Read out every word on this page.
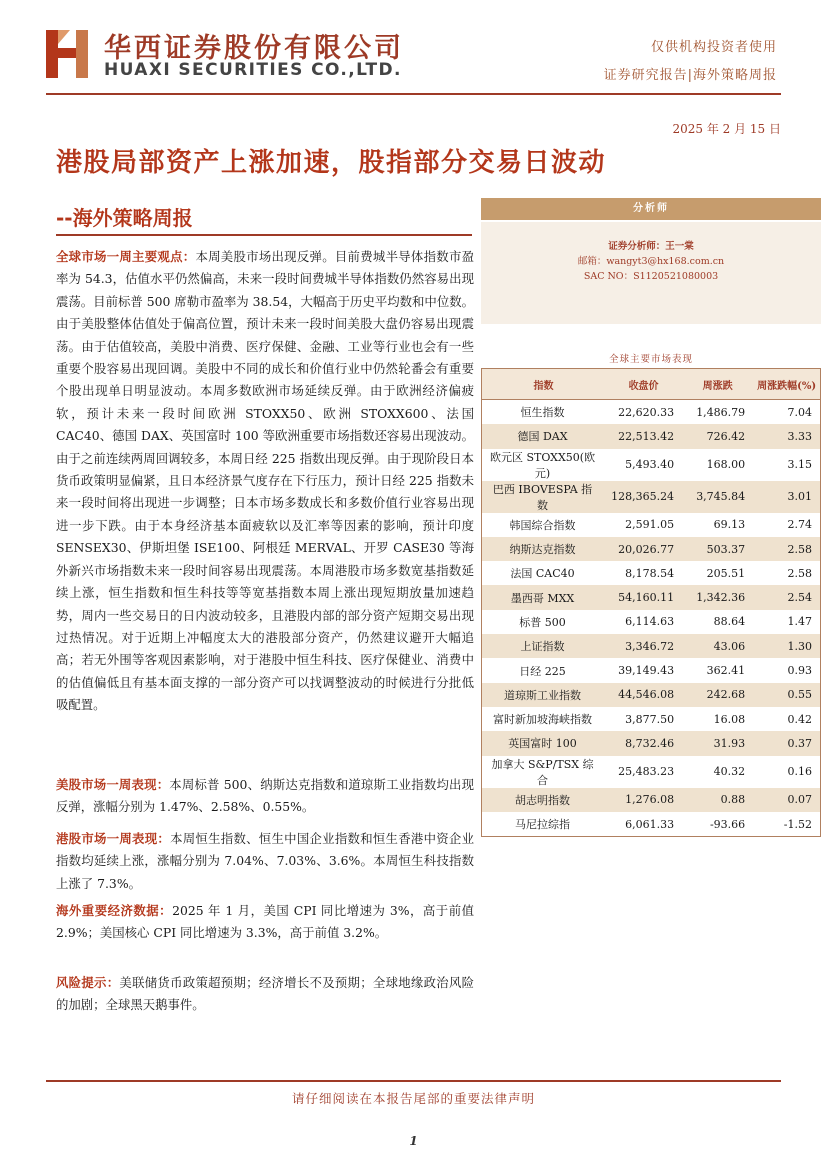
华西证券股份有限公司
HUAXI SECURITIES CO.,LTD.
仅供机构投资者使用
证券研究报告|海外策略周报
2025 年 2 月 15 日
港股局部资产上涨加速，股指部分交易日波动
--海外策略周报
全球市场一周主要观点：本周美股市场出现反弹。目前费城半导体指数市盈率为 54.3，估值水平仍然偏高，未来一段时间费城半导体指数仍然容易出现震荡。目前标普 500 席勒市盈率为 38.54，大幅高于历史平均数和中位数。由于美股整体估值处于偏高位置，预计未来一段时间美股大盘仍容易出现震荡。由于估值较高，美股中消费、医疗保健、金融、工业等行业也会有一些重要个股容易出现回调。美股中不同的成长和价值行业中仍然轮番会有重要个股出现单日明显波动。本周多数欧洲市场延续反弹。由于欧洲经济偏疲软，预计未来一段时间欧洲 STOXX50、欧洲 STOXX600、法国 CAC40、德国 DAX、英国富时 100 等欧洲重要市场指数还容易出现波动。由于之前连续两周回调较多，本周日经 225 指数出现反弹。由于现阶段日本货币政策明显偏紧，且日本经济景气度存在下行压力，预计日经 225 指数未来一段时间将出现进一步调整；日本市场多数成长和多数价值行业容易出现进一步下跌。由于本身经济基本面疲软以及汇率等因素的影响，预计印度 SENSEX30、伊斯坦堡 ISE100、阿根廷 MERVAL、开罗 CASE30 等海外新兴市场指数未来一段时间容易出现震荡。本周港股市场多数宽基指数延续上涨，恒生指数和恒生科技等等宽基指数本周上涨出现短期放量加速趋势，周内一些交易日的日内波动较多，且港股内部的部分资产短期交易出现过热情况。对于近期上冲幅度太大的港股部分资产，仍然建议避开大幅追高；若无外围等客观因素影响，对于港股中恒生科技、医疗保健业、消费中的估值偏低且有基本面支撑的一部分资产可以找调整波动的时候进行分批低吸配置。
美股市场一周表现：本周标普 500、纳斯达克指数和道琼斯工业指数均出现反弹，涨幅分别为 1.47%、2.58%、0.55%。
港股市场一周表现：本周恒生指数、恒生中国企业指数和恒生香港中资企业指数均延续上涨，涨幅分别为 7.04%、7.03%、3.6%。本周恒生科技指数上涨了 7.3%。
海外重要经济数据：2025 年 1 月，美国 CPI 同比增速为 3%，高于前值 2.9%；美国核心 CPI 同比增速为 3.3%，高于前值 3.2%。
风险提示：美联储货币政策超预期；经济增长不及预期；全球地缘政治风险的加剧；全球黑天鹅事件。
分析师
证券分析师：王一棠
邮箱：wangyt3@hx168.com.cn
SAC NO：S1120521080003
全球主要市场表现
指数	收盘价	周涨跌	周涨跌幅(%)
恒生指数	22,620.33	1,486.79	7.04
德国 DAX	22,513.42	726.42	3.33
欧元区 STOXX50(欧元)	5,493.40	168.00	3.15
巴西 IBOVESPA 指数	128,365.24	3,745.84	3.01
韩国综合指数	2,591.05	69.13	2.74
纳斯达克指数	20,026.77	503.37	2.58
法国 CAC40	8,178.54	205.51	2.58
墨西哥 MXX	54,160.11	1,342.36	2.54
标普 500	6,114.63	88.64	1.47
上证指数	3,346.72	43.06	1.30
日经 225	39,149.43	362.41	0.93
道琼斯工业指数	44,546.08	242.68	0.55
富时新加坡海峡指数	3,877.50	16.08	0.42
英国富时 100	8,732.46	31.93	0.37
加拿大 S&P/TSX 综合	25,483.23	40.32	0.16
胡志明指数	1,276.08	0.88	0.07
马尼拉综指	6,061.33	-93.66	-1.52
请仔细阅读在本报告尾部的重要法律声明
1
